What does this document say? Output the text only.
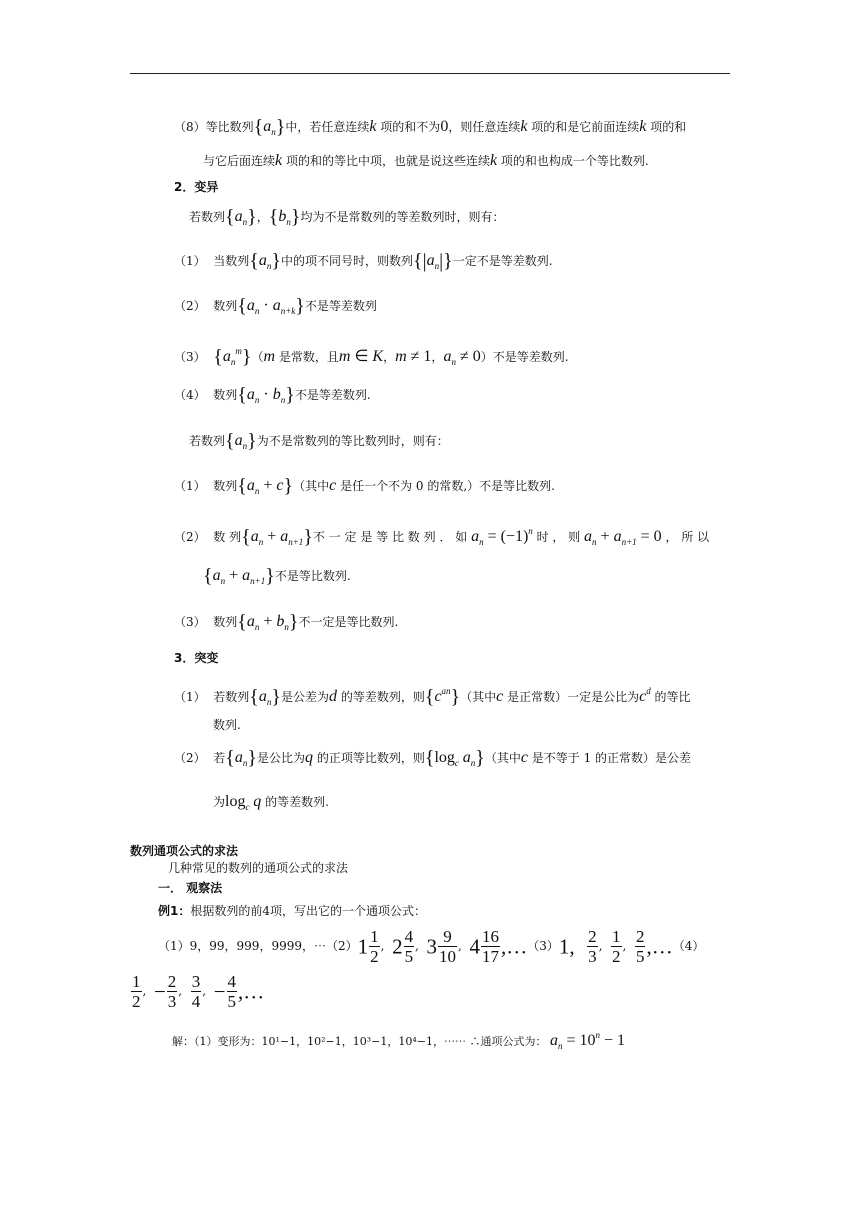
（8）等比数列$\{a_n\}$中，若任意连续k 项的和不为0，则任意连续k 项的和是它前面连续k 项的和
与它后面连续k 项的和的等比中项，也就是说这些连续k 项的和也构成一个等比数列.
2．变异
若数列$\{a_n\}$，$\{b_n\}$均为不是常数列的等差数列时，则有：
（1）  当数列$\{a_n\}$中的项不同号时，则数列$\{|a_n|\}$一定不是等差数列.
（2）  数列$\{a_n \cdot a_{n+k}\}$不是等差数列
（3）  $\{a_n^m\}(m$ 是常数，且m ∈ K，m ≠ 1，$a_n \ne 0$）不是等差数列.
（4）  数列$\{a_n \cdot b_n\}$不是等差数列.
若数列$\{a_n\}$为不是常数列的等比数列时，则有：
（1）  数列$\{a_n + c\}$（其中c 是任一个不为 0 的常数,）不是等比数列.
（2）  数 列$\{a_n + a_{n+1}\}$不 一 定 是 等 比 数 列 ． 如 $a_n = (-1)^n$ 时 ， 则 $a_n + a_{n+1} = 0$ ， 所 以
$\{a_n + a_{n+1}\}$不是等比数列.
（3）  数列$\{a_n + b_n\}$不一定是等比数列.
3．突变
（1）  若数列$\{a_n\}$是公差为d 的等差数列，则$\{c^{an}\}$（其中c 是正常数）一定是公比为$c^d$ 的等比
数列.
（2）  若$\{a_n\}$是公比为q 的正项等比数列，则{$\log_c$ $a_n$}（其中c 是不等于 1 的正常数）是公差
为$\log_c q$ 的等差数列.
数列通项公式的求法
几种常见的数列的通项公式的求法
一． 观察法
例1：根据数列的前4项，写出它的一个通项公式：
（1）9，99，999，9999，⋯（2）1 $\frac{1}{2}$ ,  $2 \frac{4}{5}$ ,  $3 \frac{9}{10}$ ,  $4 \frac{16}{17}$ ,…（3）1, $\frac{2}{3}$ , $\frac{1}{2}$ , $\frac{2}{5}$ ,…（4）
$\frac{1}{2}$ ,  − $\frac{2}{3}$ , $\frac{3}{4}$ ,  − $\frac{4}{5}$ ,…
解：（1）变形为：10¹−1，10²−1，10³−1，10⁴−1，⋯⋯ ∴通项公式为： $a_n = 10^n - 1$
